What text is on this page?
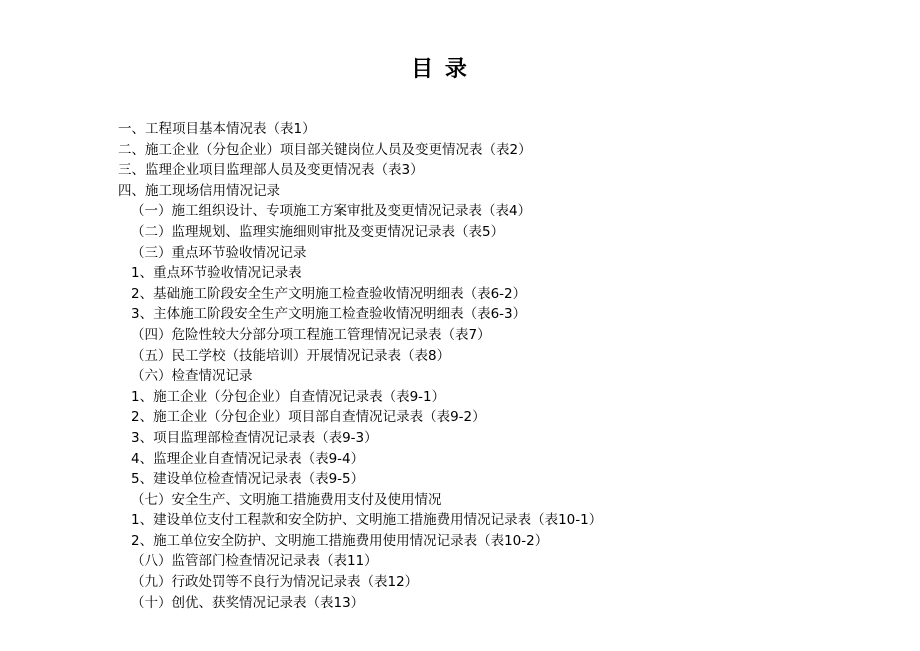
目 录
一、工程项目基本情况表（表1）
二、施工企业（分包企业）项目部关键岗位人员及变更情况表（表2）
三、监理企业项目监理部人员及变更情况表（表3）
四、施工现场信用情况记录
（一）施工组织设计、专项施工方案审批及变更情况记录表（表4）
（二）监理规划、监理实施细则审批及变更情况记录表（表5）
（三）重点环节验收情况记录
1、重点环节验收情况记录表
2、基础施工阶段安全生产文明施工检查验收情况明细表（表6-2）
3、主体施工阶段安全生产文明施工检查验收情况明细表（表6-3）
（四）危险性较大分部分项工程施工管理情况记录表（表7）
（五）民工学校（技能培训）开展情况记录表（表8）
（六）检查情况记录
1、施工企业（分包企业）自查情况记录表（表9-1）
2、施工企业（分包企业）项目部自查情况记录表（表9-2）
3、项目监理部检查情况记录表（表9-3）
4、监理企业自查情况记录表（表9-4）
5、建设单位检查情况记录表（表9-5）
（七）安全生产、文明施工措施费用支付及使用情况
1、建设单位支付工程款和安全防护、文明施工措施费用情况记录表（表10-1）
2、施工单位安全防护、文明施工措施费用使用情况记录表（表10-2）
（八）监管部门检查情况记录表（表11）
（九）行政处罚等不良行为情况记录表（表12）
（十）创优、获奖情况记录表（表13）
